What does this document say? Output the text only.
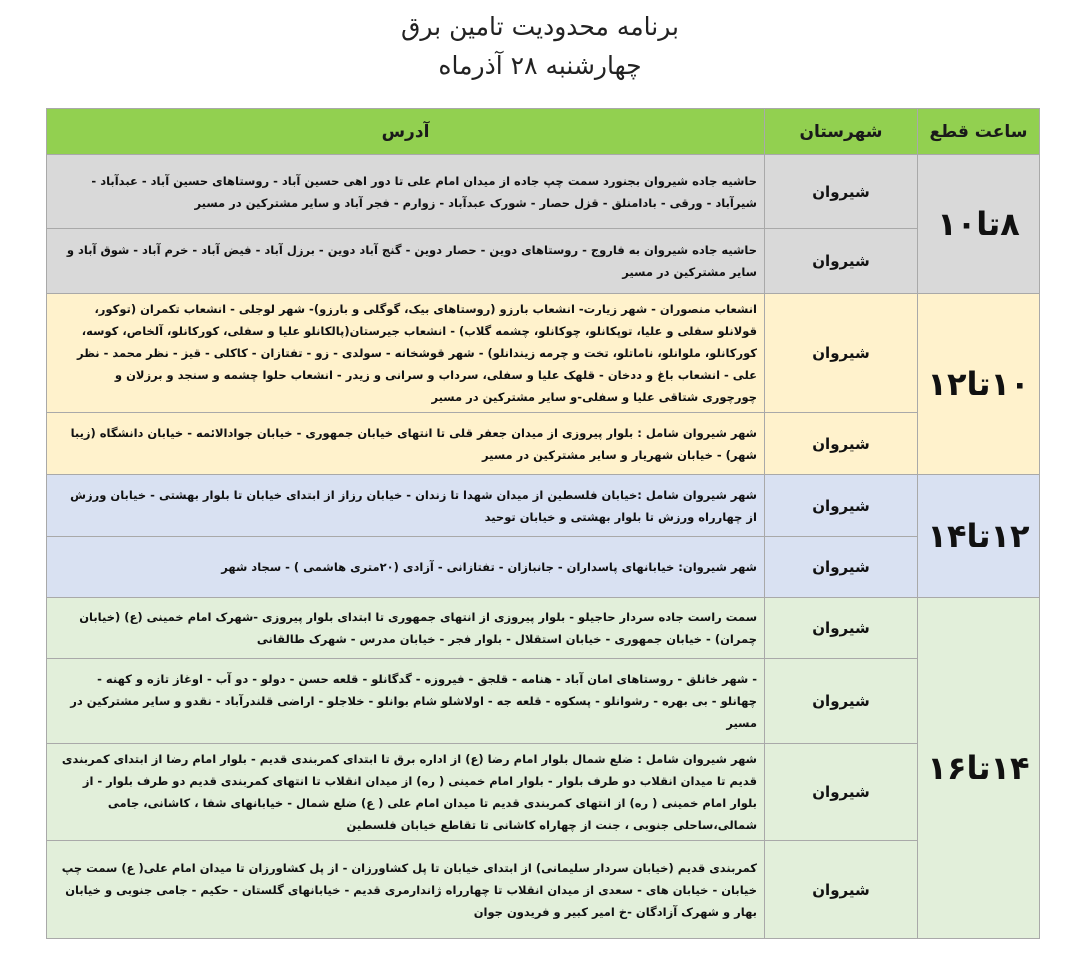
برنامه محدودیت تامین برق
چهارشنبه ۲۸ آذرماه
ساعت قطع	شهرستان	آدرس
۸تا۱۰	شیروان	حاشیه جاده شیروان بجنورد سمت چپ جاده از میدان امام علی تا دور اهی حسین آباد - روستاهای حسین آباد - عبدآباد - شیرآباد - ورقی - بادامنلق - قزل حصار - شورک عبدآباد - زوارم - فجر آباد و سایر مشترکین در مسیر
	شیروان	حاشیه جاده شیروان به فاروج - روستاهای دوین - حصار دوین - گنج آباد دوین - برزل آباد - فیض آباد - خرم آباد - شوق آباد و سایر مشترکین در مسیر
۱۰تا۱۲	شیروان	انشعاب منصوران - شهر زیارت- انشعاب بارزو (روستاهای بیک، گوگلی و بارزو)- شهر لوجلی - انشعاب تکمران (توکور، قولانلو سفلی و علیا، توپکانلو، چوکانلو، چشمه گلاب) - انشعاب جیرستان(پالکانلو علیا و سفلی، کورکانلو، آلخاص، کوسه، کورکانلو، ملوانلو، ناماتلو، تخت و چرمه زیندانلو) - شهر قوشخانه - سولدی - زو - تفتازان - کاکلی - قیز - نظر محمد - نظر علی - انشعاب باغ و ددخان - قلهک علیا و سفلی، سرداب و سرانی و زیدر - انشعاب حلوا چشمه و سنجد و برزلان و چورچوری شتاقی علیا و سفلی-و سایر مشترکین در مسیر
	شیروان	شهر شیروان شامل : بلوار پیروزی از میدان جعفر قلی تا انتهای خیابان جمهوری - خیابان جوادالائمه - خیابان دانشگاه (زیبا شهر) - خیابان شهریار و سایر مشترکین در مسیر
۱۲تا۱۴	شیروان	شهر شیروان شامل :خیابان فلسطین از میدان شهدا تا زندان - خیابان رزاز از ابتدای خیابان تا بلوار بهشتی - خیابان ورزش از چهارراه ورزش تا بلوار بهشتی و خیابان توحید
	شیروان	شهر شیروان: خیابانهای پاسداران - جانبازان - تفتازانی - آزادی (۲۰متری هاشمی ) - سجاد شهر
۱۴تا۱۶	شیروان	سمت راست جاده سردار حاجیلو - بلوار پیروزی از انتهای جمهوری تا ابتدای بلوار پیروزی -شهرک امام خمینی (ع) (خیابان چمران) - خیابان جمهوری - خیابان استقلال - بلوار فجر - خیابان مدرس - شهرک طالقانی
	شیروان	- شهر خانلق - روستاهای امان آباد - هنامه - قلجق - فیروزه - گدگانلو - قلعه حسن - دولو - دو آب - اوغاز تازه و کهنه - چهانلو - بی بهره - رشوانلو - پسکوه - قلعه جه - اولاشلو شام بوانلو - خلاجلو - اراضی قلندرآباد - نقدو و سایر مشترکین در مسیر
	شیروان	شهر شیروان شامل : ضلع شمال بلوار امام رضا (ع) از اداره برق تا ابتدای کمربندی قدیم - بلوار امام رضا از ابتدای کمربندی قدیم تا میدان انقلاب دو طرف بلوار - بلوار امام خمینی ( ره) از میدان انقلاب تا انتهای کمربندی قدیم دو طرف بلوار - از بلوار امام خمینی ( ره) از انتهای کمربندی قدیم تا میدان امام علی ( ع) ضلع شمال - خیابانهای شفا ، کاشانی، جامی شمالی،ساحلی جنوبی ، جنت از چهاراه کاشانی تا تقاطع خیابان فلسطین
	شیروان	کمربندی قدیم (خیابان سردار سلیمانی) از ابتدای خیابان تا پل کشاورزان - از پل کشاورزان تا میدان امام علی( ع) سمت چپ خیابان - خیابان های - سعدی از میدان انقلاب تا چهارراه ژاندارمری قدیم - خیابانهای گلستان - حکیم - جامی جنوبی و خیابان بهار و شهرک آزادگان -خ امیر کبیر و فریدون جوان
